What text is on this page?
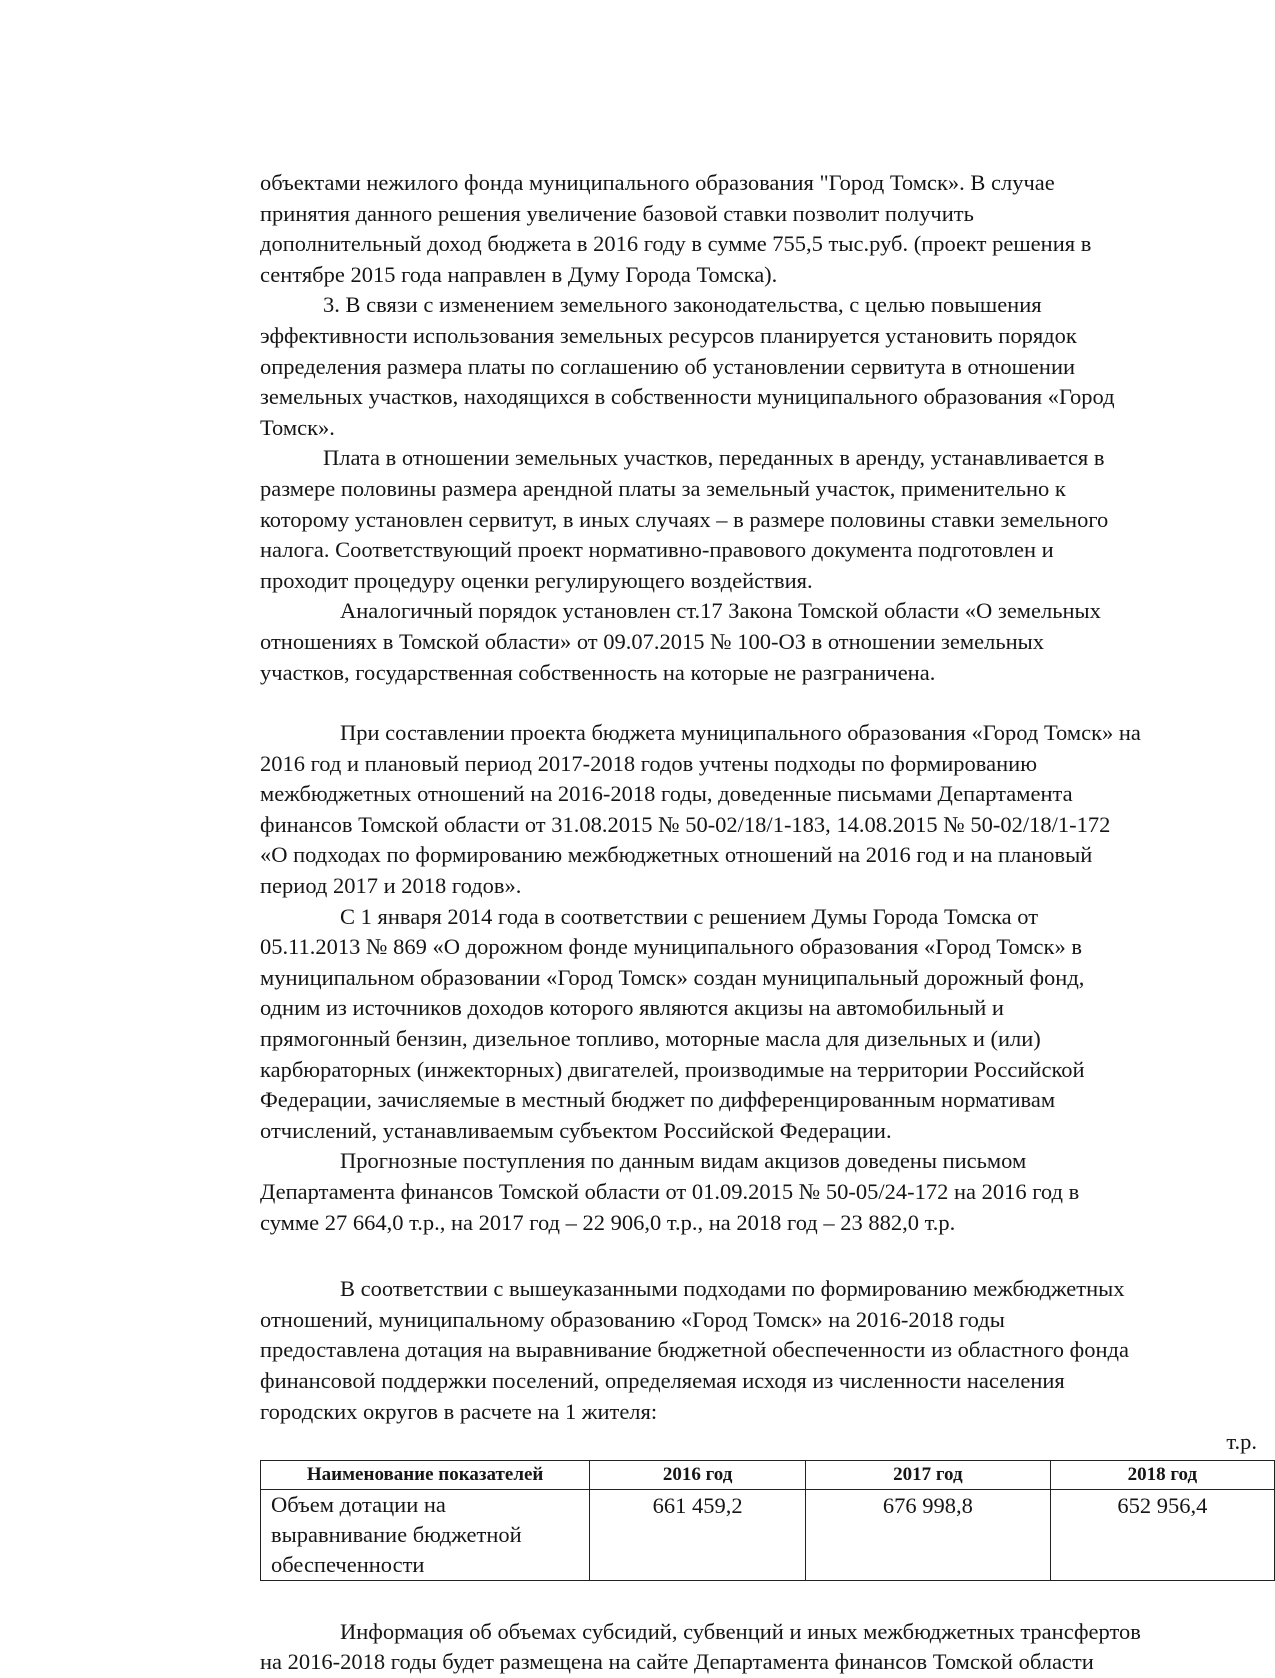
объектами нежилого фонда муниципального образования "Город Томск». В случае
принятия данного решения увеличение базовой ставки позволит получить
дополнительный доход бюджета в 2016 году в сумме 755,5 тыс.руб. (проект решения в
сентябре 2015 года направлен в Думу Города Томска).
3. В связи с изменением земельного законодательства, с целью повышения
эффективности использования земельных ресурсов планируется установить порядок
определения размера платы по соглашению об установлении сервитута в отношении
земельных участков, находящихся в собственности муниципального образования «Город
Томск».
Плата в отношении земельных участков, переданных в аренду, устанавливается в
размере половины размера арендной платы за земельный участок, применительно к
которому установлен сервитут, в иных случаях – в размере половины ставки земельного
налога. Соответствующий проект нормативно-правового документа подготовлен и
проходит процедуру оценки регулирующего воздействия.
Аналогичный порядок установлен ст.17 Закона Томской области «О земельных
отношениях в Томской области» от 09.07.2015 № 100-ОЗ в отношении земельных
участков, государственная собственность на которые не разграничена.
При составлении проекта бюджета муниципального образования «Город Томск» на
2016 год и плановый период 2017-2018 годов учтены подходы по формированию
межбюджетных отношений на 2016-2018 годы, доведенные письмами Департамента
финансов Томской области от 31.08.2015 № 50-02/18/1-183, 14.08.2015 № 50-02/18/1-172
«О подходах по формированию межбюджетных отношений на 2016 год и на плановый
период 2017 и 2018 годов».
С 1 января 2014 года в соответствии с решением Думы Города Томска от
05.11.2013 № 869 «О дорожном фонде муниципального образования «Город Томск» в
муниципальном образовании «Город Томск» создан муниципальный дорожный фонд,
одним из источников доходов которого являются акцизы на автомобильный и
прямогонный бензин, дизельное топливо, моторные масла для дизельных и (или)
карбюраторных (инжекторных) двигателей, производимые на территории Российской
Федерации, зачисляемые в местный бюджет по дифференцированным нормативам
отчислений, устанавливаемым субъектом Российской Федерации.
Прогнозные поступления по данным видам акцизов доведены письмом
Департамента финансов Томской области от 01.09.2015 № 50-05/24-172 на 2016 год в
сумме 27 664,0 т.р., на 2017 год – 22 906,0 т.р., на 2018 год – 23 882,0 т.р.
В соответствии с вышеуказанными подходами по формированию межбюджетных
отношений, муниципальному образованию «Город Томск» на 2016-2018 годы
предоставлена дотация на выравнивание бюджетной обеспеченности из областного фонда
финансовой поддержки поселений, определяемая исходя из численности населения
городских округов в расчете на 1 жителя:
т.р.
Наименование показателей	2016 год	2017 год	2018 год

Объем дотации на
выравнивание бюджетной
обеспеченности	661 459,2	676 998,8	652 956,4
Информация об объемах субсидий, субвенций и иных межбюджетных трансфертов
на 2016-2018 годы будет размещена на сайте Департамента финансов Томской области
